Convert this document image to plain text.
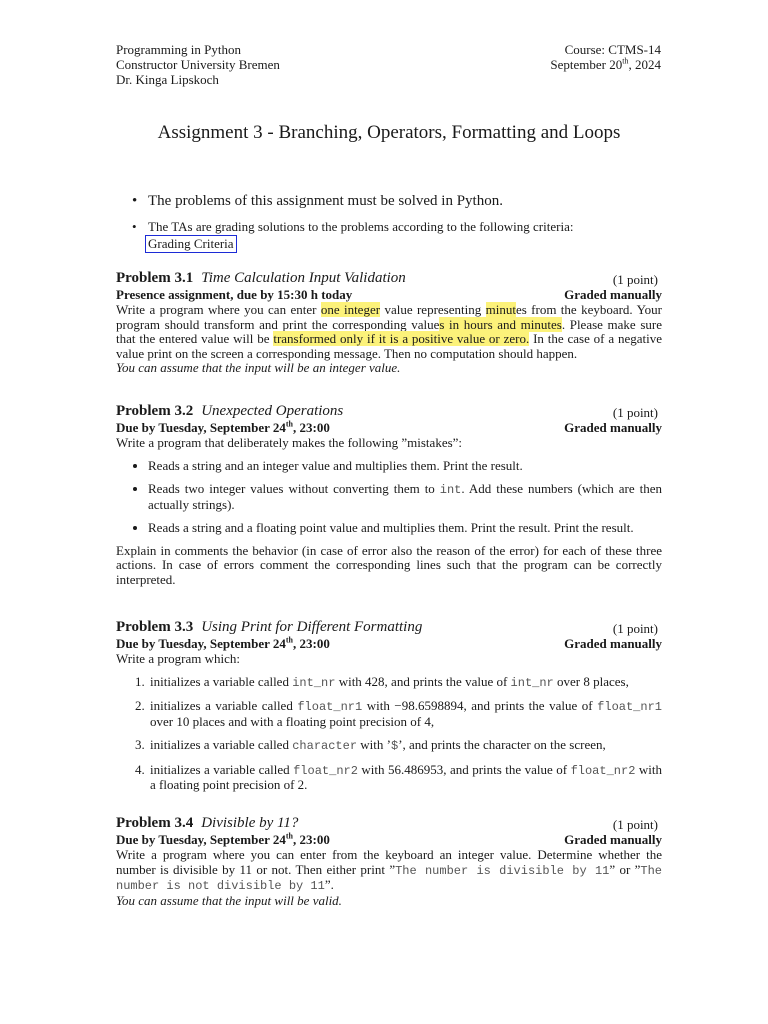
Programming in Python
Constructor University Bremen
Dr. Kinga Lipskoch
Course: CTMS-14
September 20th, 2024
Assignment 3 - Branching, Operators, Formatting and Loops
• The problems of this assignment must be solved in Python.
• The TAs are grading solutions to the problems according to the following criteria:
Grading Criteria
Problem 3.1 Time Calculation Input Validation	(1 point)
Presence assignment, due by 15:30 h today	Graded manually
Write a program where you can enter one integer value representing minutes from the keyboard. Your program should transform and print the corresponding values in hours and minutes. Please make sure that the entered value will be transformed only if it is a positive value or zero. In the case of a negative value print on the screen a corresponding message. Then no computation should happen.
You can assume that the input will be an integer value.
Problem 3.2 Unexpected Operations	(1 point)
Due by Tuesday, September 24th, 23:00	Graded manually
Write a program that deliberately makes the following ”mistakes”:
• Reads a string and an integer value and multiplies them. Print the result.
• Reads two integer values without converting them to int. Add these numbers (which are then actually strings).
• Reads a string and a floating point value and multiplies them. Print the result. Print the result.
Explain in comments the behavior (in case of error also the reason of the error) for each of these three actions. In case of errors comment the corresponding lines such that the program can be correctly interpreted.
Problem 3.3 Using Print for Different Formatting	(1 point)
Due by Tuesday, September 24th, 23:00	Graded manually
Write a program which:
1. initializes a variable called int_nr with 428, and prints the value of int_nr over 8 places,
2. initializes a variable called float_nr1 with −98.6598894, and prints the value of float_nr1 over 10 places and with a floating point precision of 4,
3. initializes a variable called character with ’$’, and prints the character on the screen,
4. initializes a variable called float_nr2 with 56.486953, and prints the value of float_nr2 with a floating point precision of 2.
Problem 3.4 Divisible by 11?	(1 point)
Due by Tuesday, September 24th, 23:00	Graded manually
Write a program where you can enter from the keyboard an integer value. Determine whether the number is divisible by 11 or not. Then either print ”The number is divisible by 11” or ”The number is not divisible by 11”.
You can assume that the input will be valid.
